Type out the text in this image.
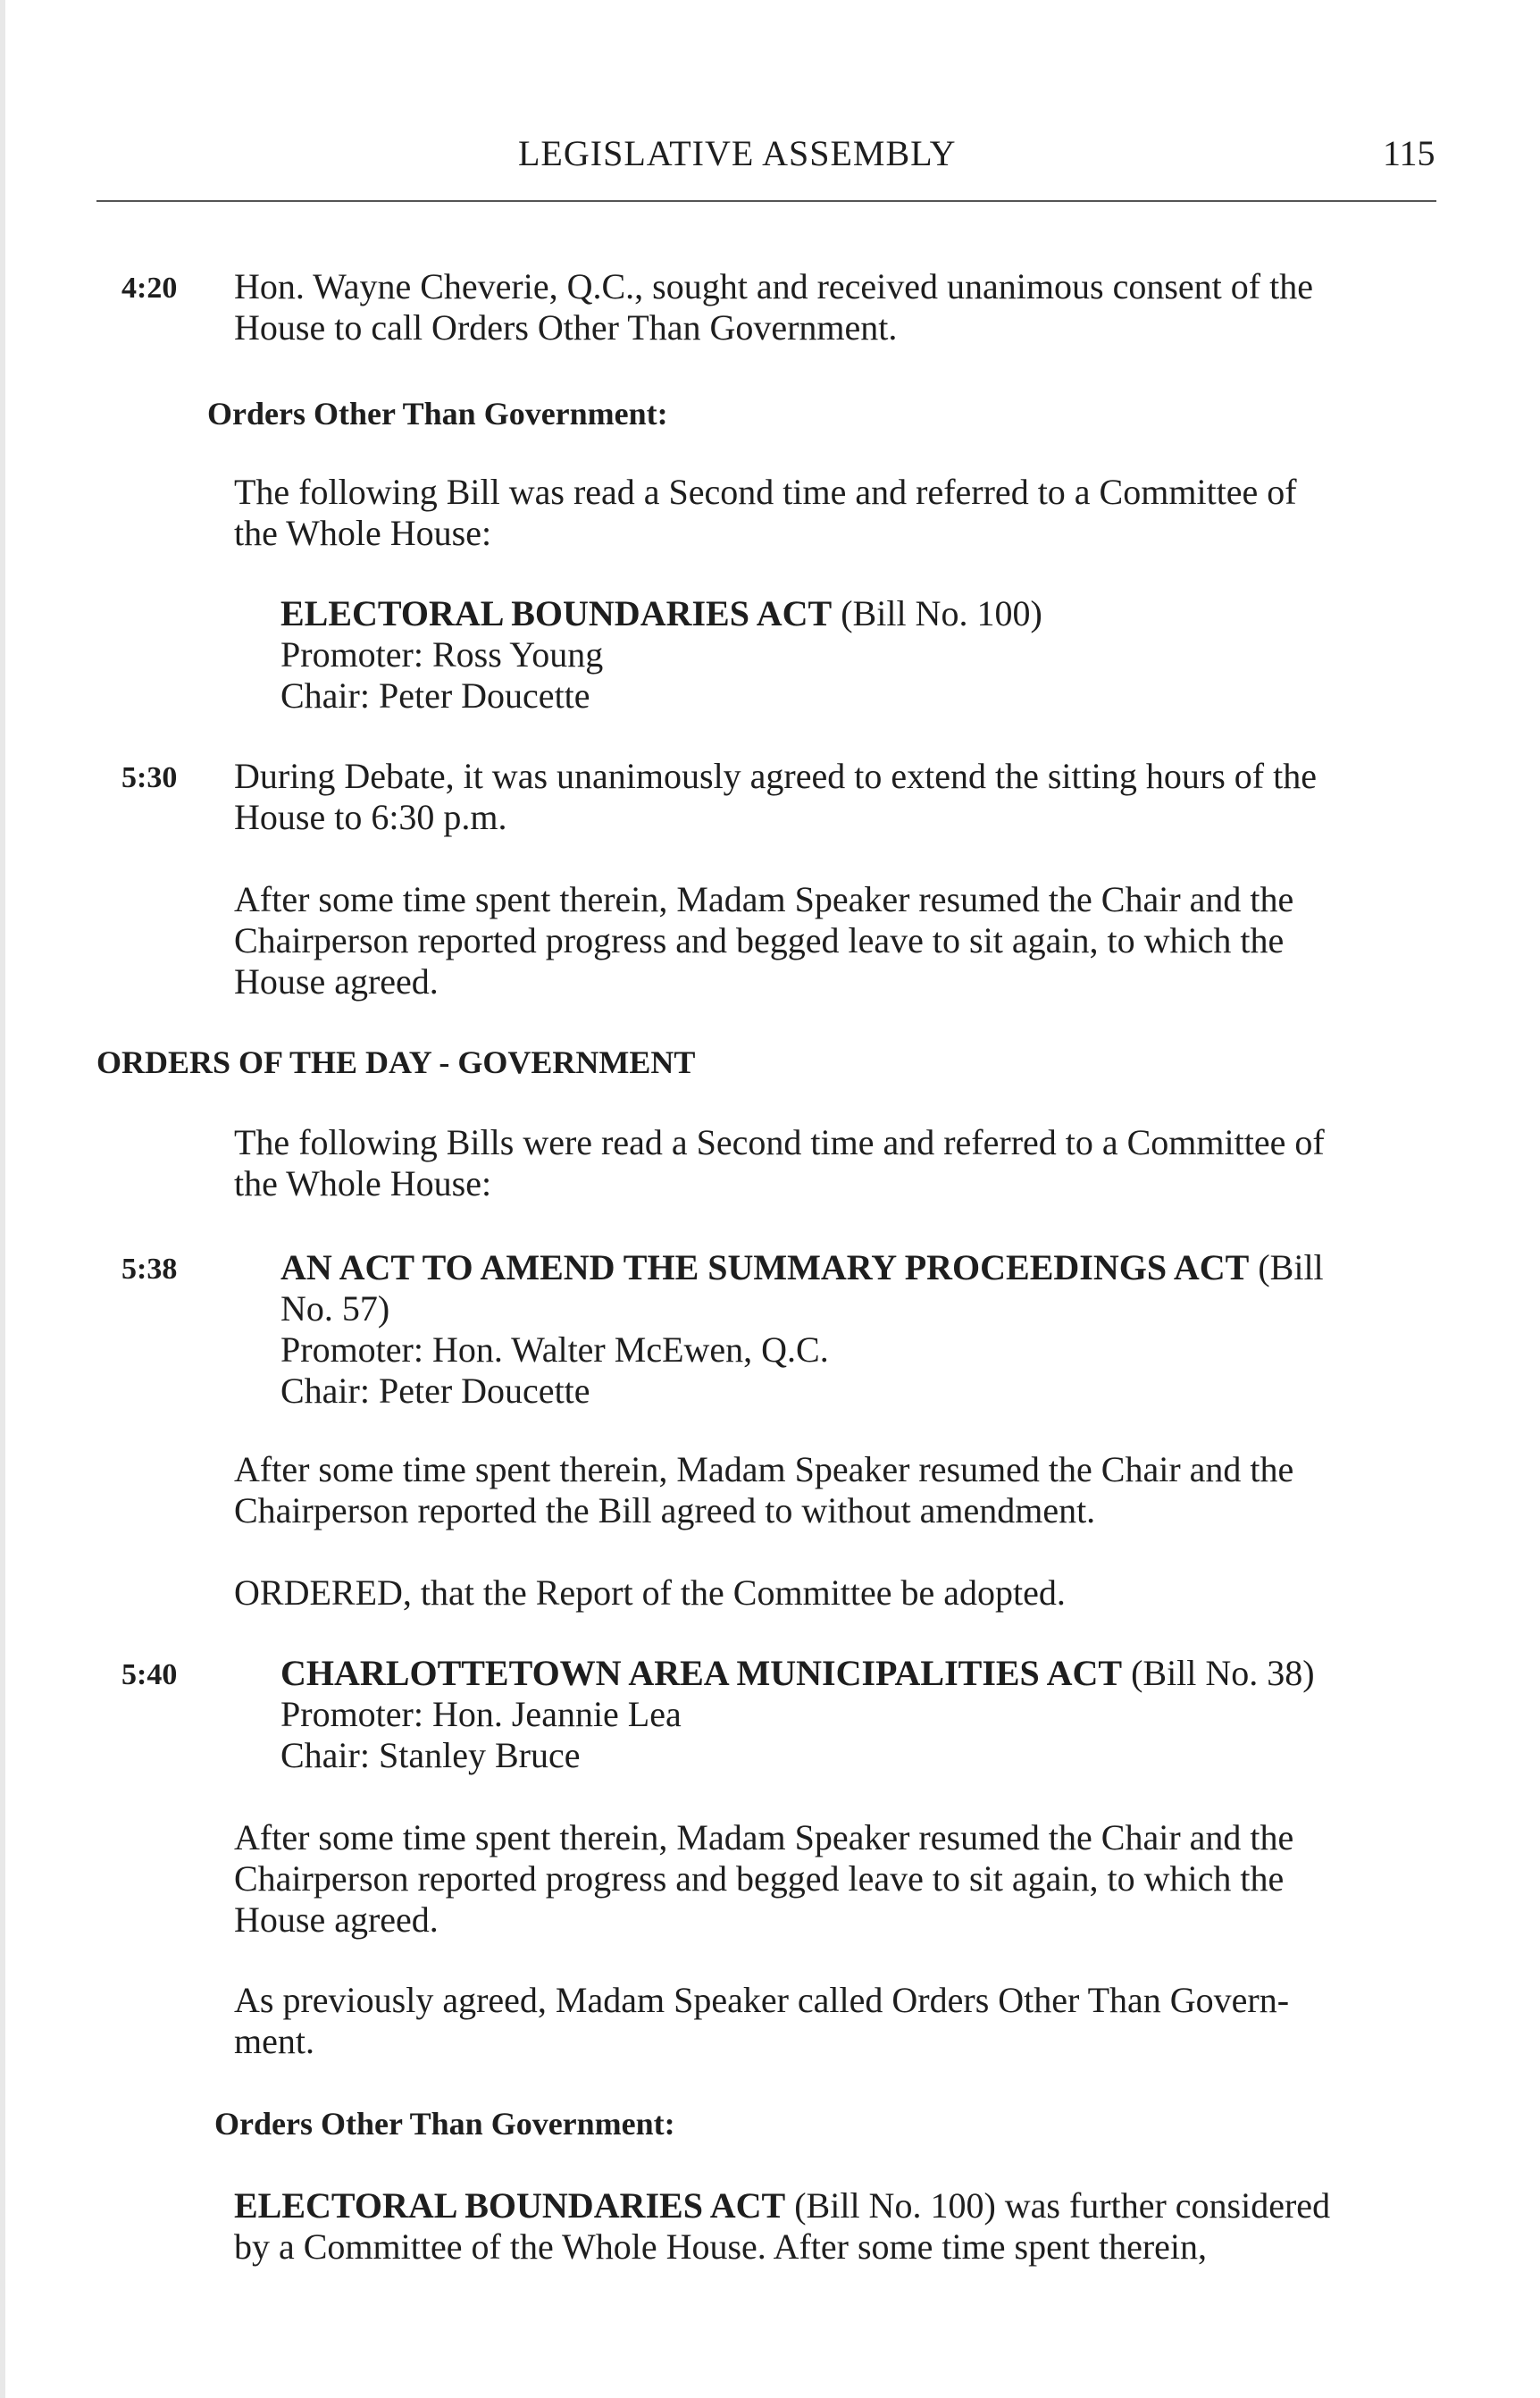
LEGISLATIVE ASSEMBLY	115
4:20 Hon. Wayne Cheverie, Q.C., sought and received unanimous consent of the

House to call Orders Other Than Government.

Orders Other Than Government:

The following Bill was read a Second time and referred to a Committee of

the Whole House:

ELECTORAL BOUNDARIES ACT (Bill No. 100)

Promoter: Ross Young

Chair: Peter Doucette

5:30 During Debate, it was unanimously agreed to extend the sitting hours of the

House to 6:30 p.m.

After some time spent therein, Madam Speaker resumed the Chair and the

Chairperson reported progress and begged leave to sit again, to which the

House agreed.

ORDERS OF THE DAY - GOVERNMENT

The following Bills were read a Second time and referred to a Committee of

the Whole House:

5:38	AN ACT TO AMEND THE SUMMARY PROCEEDINGS ACT (Bill

No. 57)

Promoter: Hon. Walter McEwen, Q.C.

Chair: Peter Doucette

After some time spent therein, Madam Speaker resumed the Chair and the

Chairperson reported the Bill agreed to without amendment.

ORDERED, that the Report of the Committee be adopted.

5:40	CHARLOTTETOWN AREA MUNICIPALITIES ACT (Bill No. 38)

Promoter: Hon. Jeannie Lea

Chair: Stanley Bruce

After some time spent therein, Madam Speaker resumed the Chair and the

Chairperson reported progress and begged leave to sit again, to which the

House agreed.

As previously agreed, Madam Speaker called Orders Other Than Govern-

ment.

Orders Other Than Government:

ELECTORAL BOUNDARIES ACT (Bill No. 100) was further considered

by a Committee of the Whole House. After some time spent therein,
